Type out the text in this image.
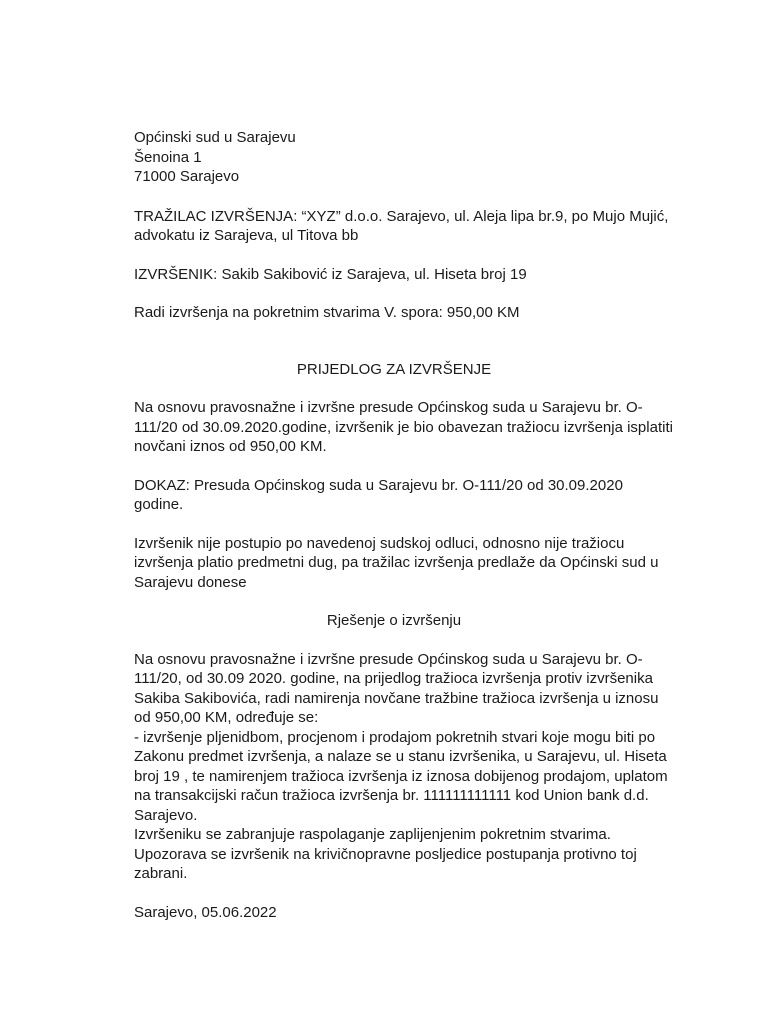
Općinski sud u Sarajevu
Šenoina 1
71000 Sarajevo
TRAŽILAC IZVRŠENJA: “XYZ” d.o.o. Sarajevo, ul. Aleja lipa br.9, po Mujo Mujić,
advokatu iz Sarajeva, ul Titova bb
IZVRŠENIK: Sakib Sakibović iz Sarajeva, ul. Hiseta broj 19
Radi izvršenja na pokretnim stvarima V. spora: 950,00 KM
PRIJEDLOG ZA IZVRŠENJE
Na osnovu pravosnažne i izvršne presude Općinskog suda u Sarajevu br. O-
111/20 od 30.09.2020.godine, izvršenik je bio obavezan tražiocu izvršenja isplatiti
novčani iznos od 950,00 KM.
DOKAZ: Presuda Općinskog suda u Sarajevu br. O-111/20 od 30.09.2020
godine.
Izvršenik nije postupio po navedenoj sudskoj odluci, odnosno nije tražiocu
izvršenja platio predmetni dug, pa tražilac izvršenja predlaže da Općinski sud u
Sarajevu donese
Rješenje o izvršenju
Na osnovu pravosnažne i izvršne presude Općinskog suda u Sarajevu br. O-
111/20, od 30.09 2020. godine, na prijedlog tražioca izvršenja protiv izvršenika
Sakiba Sakibovića, radi namirenja novčane tražbine tražioca izvršenja u iznosu
od 950,00 KM, određuje se:
- izvršenje pljenidbom, procjenom i prodajom pokretnih stvari koje mogu biti po
Zakonu predmet izvršenja, a nalaze se u stanu izvršenika, u Sarajevu, ul. Hiseta
broj 19 , te namirenjem tražioca izvršenja iz iznosa dobijenog prodajom, uplatom
na transakcijski račun tražioca izvršenja br. 111111111111 kod Union bank d.d.
Sarajevo.
Izvršeniku se zabranjuje raspolaganje zaplijenjenim pokretnim stvarima.
Upozorava se izvršenik na krivičnopravne posljedice postupanja protivno toj
zabrani.
Sarajevo, 05.06.2022
